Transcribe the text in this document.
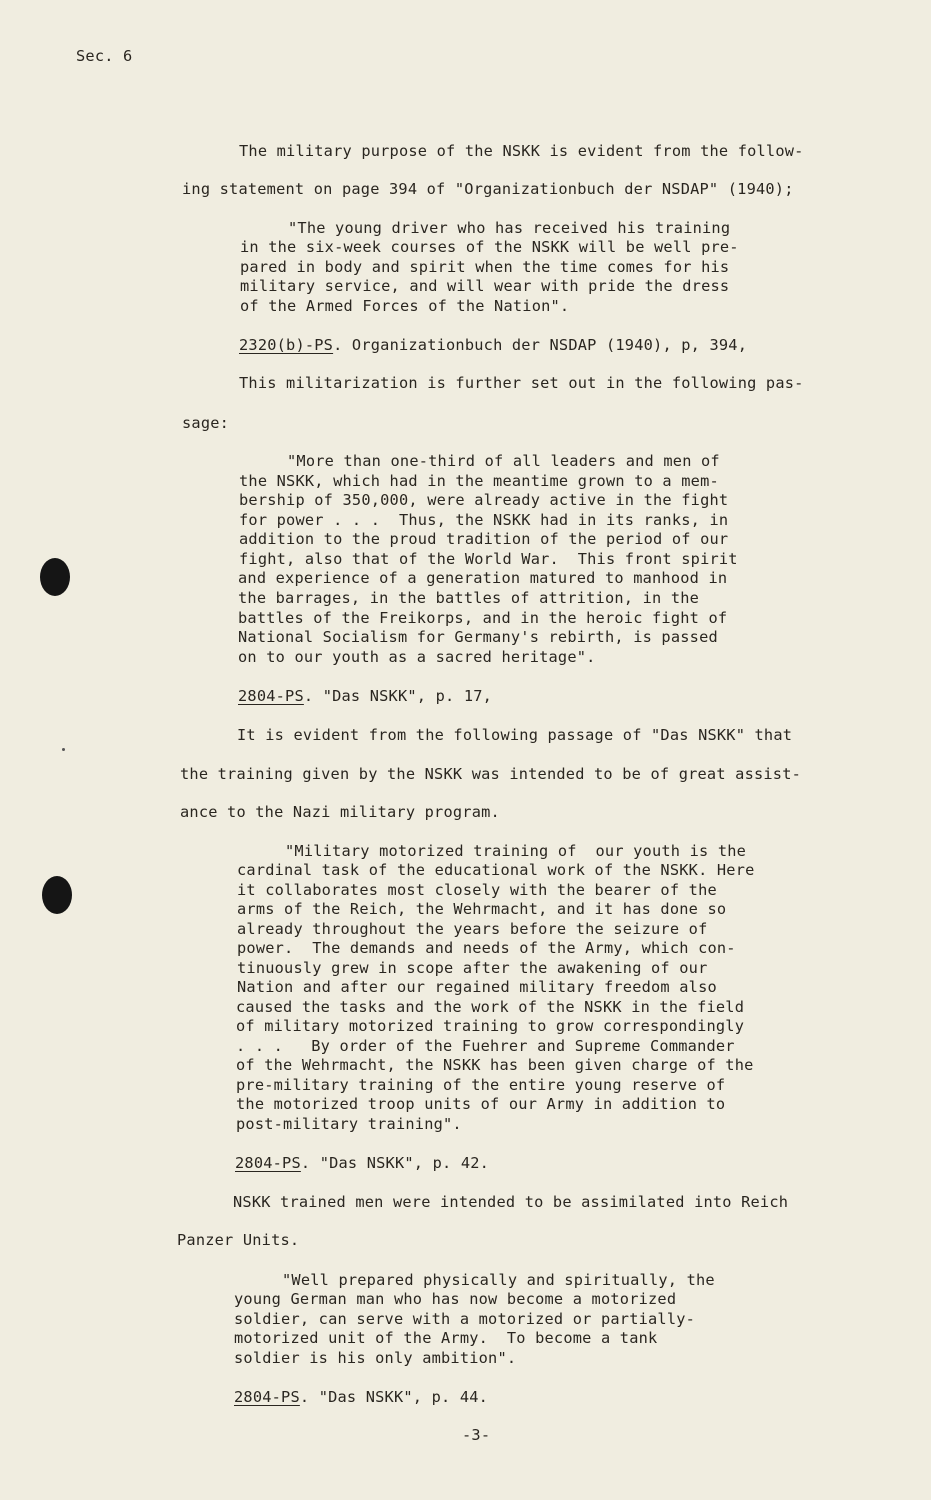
Sec. 6
The military purpose of the NSKK is evident from the follow-
ing statement on page 394 of "Organizationbuch der NSDAP" (1940);
"The young driver who has received his training
in the six-week courses of the NSKK will be well pre-
pared in body and spirit when the time comes for his
military service, and will wear with pride the dress
of the Armed Forces of the Nation".
2320(b)-PS. Organizationbuch der NSDAP (1940), p, 394,
This militarization is further set out in the following pas-
sage:
"More than one-third of all leaders and men of
the NSKK, which had in the meantime grown to a mem-
bership of 350,000, were already active in the fight
for power . . .  Thus, the NSKK had in its ranks, in
addition to the proud tradition of the period of our
fight, also that of the World War.  This front spirit
and experience of a generation matured to manhood in
the barrages, in the battles of attrition, in the
battles of the Freikorps, and in the heroic fight of
National Socialism for Germany's rebirth, is passed
on to our youth as a sacred heritage".
2804-PS. "Das NSKK", p. 17,
It is evident from the following passage of "Das NSKK" that
the training given by the NSKK was intended to be of great assist-
ance to the Nazi military program.
"Military motorized training of  our youth is the
cardinal task of the educational work of the NSKK. Here
it collaborates most closely with the bearer of the
arms of the Reich, the Wehrmacht, and it has done so
already throughout the years before the seizure of
power.  The demands and needs of the Army, which con-
tinuously grew in scope after the awakening of our
Nation and after our regained military freedom also
caused the tasks and the work of the NSKK in the field
of military motorized training to grow correspondingly
. . .   By order of the Fuehrer and Supreme Commander
of the Wehrmacht, the NSKK has been given charge of the
pre-military training of the entire young reserve of
the motorized troop units of our Army in addition to
post-military training".
2804-PS. "Das NSKK", p. 42.
NSKK trained men were intended to be assimilated into Reich
Panzer Units.
"Well prepared physically and spiritually, the
young German man who has now become a motorized
soldier, can serve with a motorized or partially-
motorized unit of the Army.  To become a tank
soldier is his only ambition".
2804-PS. "Das NSKK", p. 44.
-3-
